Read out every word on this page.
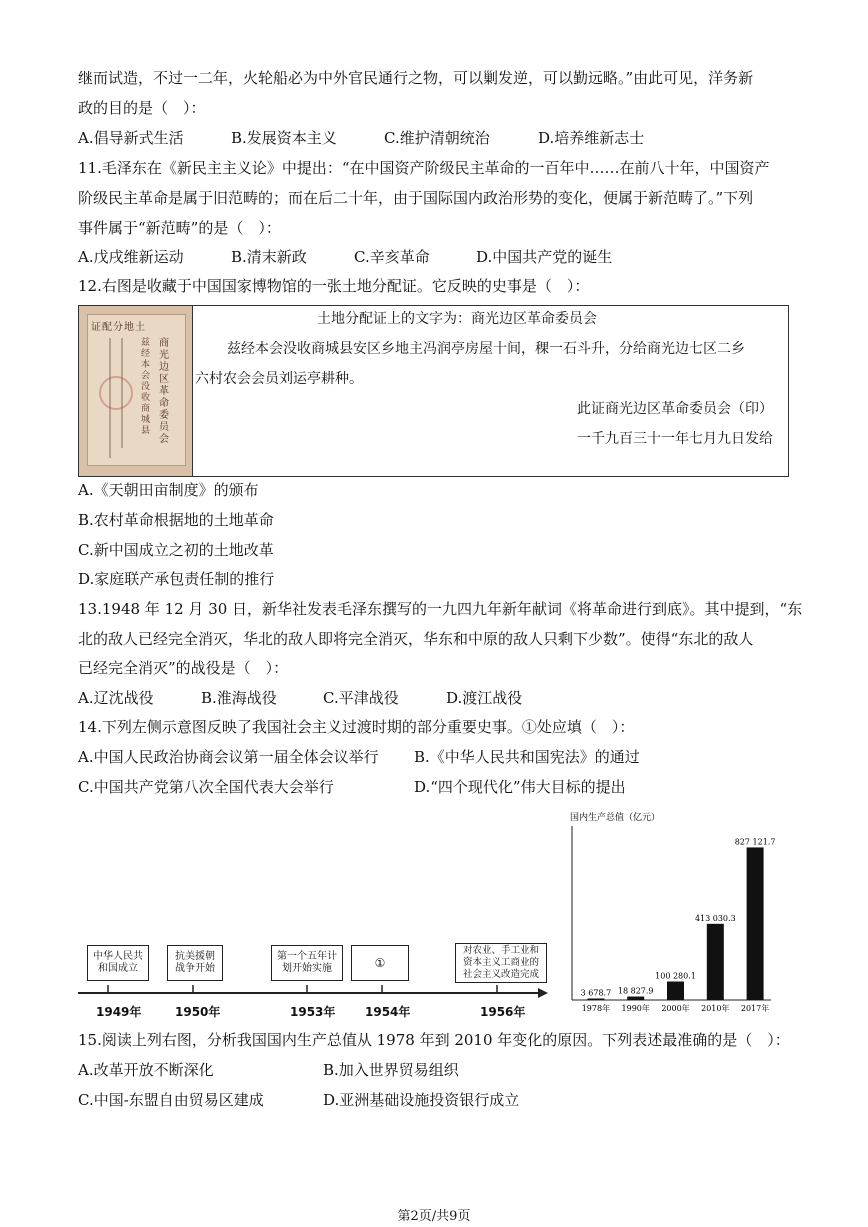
继而试造，不过一二年，火轮船必为中外官民通行之物，可以剿发逆，可以勤远略。”由此可见，洋务新
政的目的是（　）：
A.倡导新式生活	B.发展资本主义	C.维护清朝统治	D.培养维新志士
11.毛泽东在《新民主主义论》中提出：“在中国资产阶级民主革命的一百年中……在前八十年，中国资产
阶级民主革命是属于旧范畴的；而在后二十年，由于国际国内政治形势的变化，便属于新范畴了。”下列
事件属于“新范畴”的是（　）：
A.戊戌维新运动	B.清末新政	C.辛亥革命	D.中国共产党的诞生
12.右图是收藏于中国国家博物馆的一张土地分配证。它反映的史事是（　）：
证配分地土
商光边区革命委员会
兹经本会没收商城县
土地分配证上的文字为：商光边区革命委员会
兹经本会没收商城县安区乡地主冯润亭房屋十间，稞一石斗升，分给商光边七区二乡
六村农会会员刘运亭耕种。
此证商光边区革命委员会（印）
一千九百三十一年七月九日发给
A.《天朝田亩制度》的颁布
B.农村革命根据地的土地革命
C.新中国成立之初的土地改革
D.家庭联产承包责任制的推行
13.1948 年 12 月 30 日，新华社发表毛泽东撰写的一九四九年新年献词《将革命进行到底》。其中提到，“东
北的敌人已经完全消灭，华北的敌人即将完全消灭，华东和中原的敌人只剩下少数”。使得“东北的敌人
已经完全消灭”的战役是（　）：
A.辽沈战役	B.淮海战役	C.平津战役	D.渡江战役
14.下列左侧示意图反映了我国社会主义过渡时期的部分重要史事。①处应填（　）：
A.中国人民政治协商会议第一届全体会议举行 B.《中华人民共和国宪法》的通过
C.中国共产党第八次全国代表大会举行	D.“四个现代化”伟大目标的提出
中华人民共
和国成立
抗美援朝
战争开始
第一个五年计
划开始实施	①
对农业、手工业和
资本主义工商业的
社会主义改造完成
1949年	1950年	1953年 1954年	1956年
国内生产总值（亿元）
3 678.7
1978年
18 827.9
1990年
100 280.1
2000年
413 030.3
2010年
827 121.7
2017年
15.阅读上列右图，分析我国国内生产总值从 1978 年到 2010 年变化的原因。下列表述最准确的是（　）：
A.改革开放不断深化	B.加入世界贸易组织
C.中国-东盟自由贸易区建成	D.亚洲基础设施投资银行成立
第2页/共9页
